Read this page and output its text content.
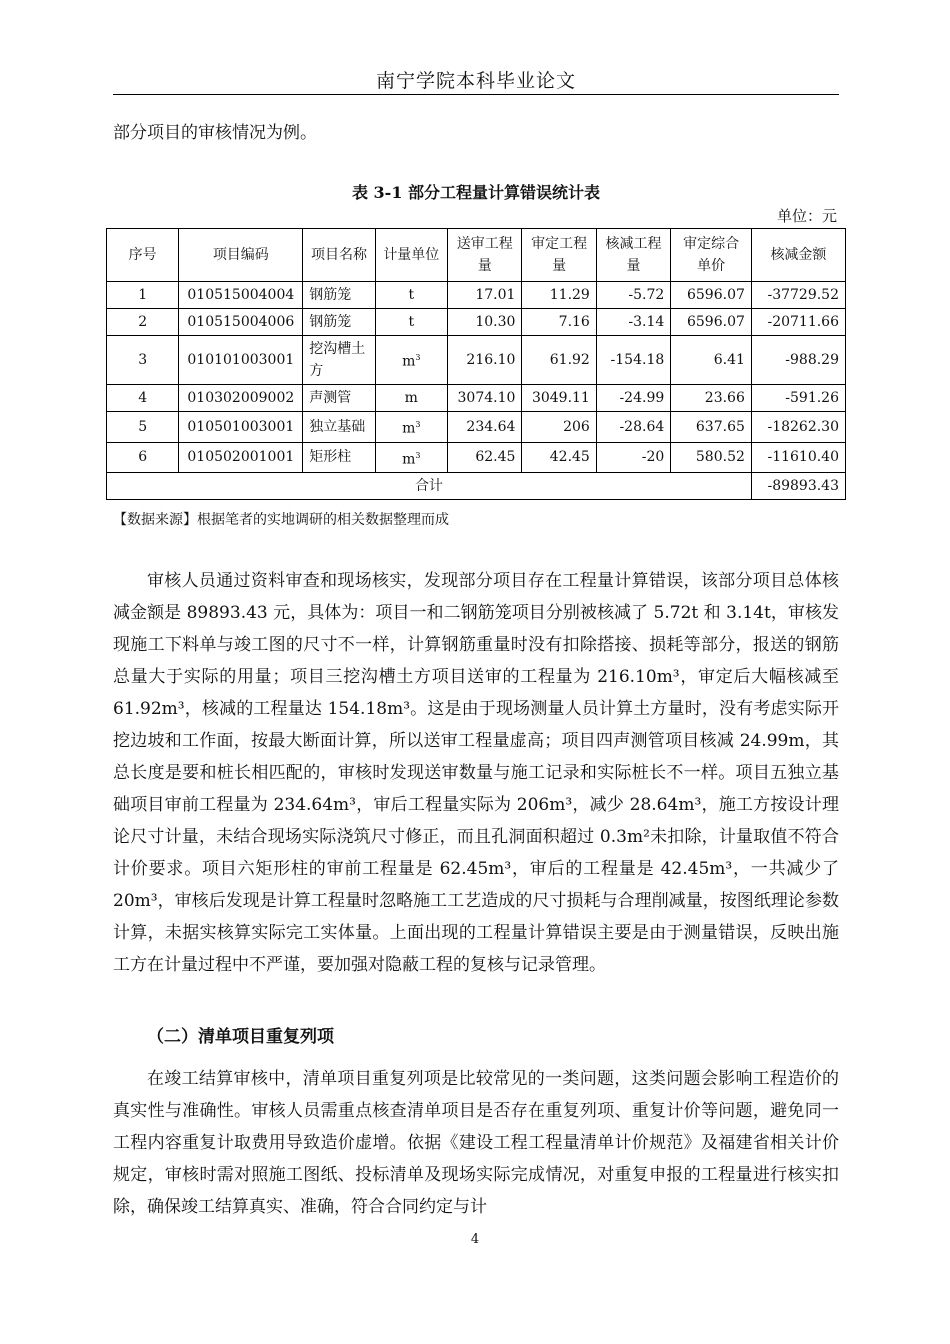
南宁学院本科毕业论文
部分项目的审核情况为例。
表 3-1 部分工程量计算错误统计表
单位：元
序号	项目编码	项目名称	计量单位	送审工程量	审定工程量	核减工程量	审定综合单价	核减金额
1	010515004004	钢筋笼	t	17.01	11.29	-5.72	6596.07	-37729.52
2	010515004006	钢筋笼	t	10.30	7.16	-3.14	6596.07	-20711.66
3	010101003001	挖沟槽土方	$m^3$	216.10	61.92	-154.18	6.41	-988.29
4	010302009002	声测管	m	3074.10	3049.11	-24.99	23.66	-591.26
5	010501003001	独立基础	$m^3$	234.64	206	-28.64	637.65	-18262.30
6	010502001001	矩形柱	$m^3$	62.45	42.45	-20	580.52	-11610.40
合计								-89893.43
【数据来源】根据笔者的实地调研的相关数据整理而成

审核人员通过资料审查和现场核实，发现部分项目存在工程量计算错误，该部分项目总体核减金额是 89893.43 元，具体为：项目一和二钢筋笼项目分别被核减了 5.72t 和 3.14t，审核发现施工下料单与竣工图的尺寸不一样，计算钢筋重量时没有扣除搭接、损耗等部分，报送的钢筋总量大于实际的用量；项目三挖沟槽土方项目送审的工程量为 216.10m³，审定后大幅核减至 61.92m³，核减的工程量达 154.18m³。这是由于现场测量人员计算土方量时，没有考虑实际开挖边坡和工作面，按最大断面计算，所以送审工程量虚高；项目四声测管项目核减 24.99m，其总长度是要和桩长相匹配的，审核时发现送审数量与施工记录和实际桩长不一样。项目五独立基础项目审前工程量为 234.64m³，审后工程量实际为 206m³，减少 28.64m³，施工方按设计理论尺寸计量，未结合现场实际浇筑尺寸修正，而且孔洞面积超过 0.3m²未扣除，计量取值不符合计价要求。项目六矩形柱的审前工程量是 62.45m³，审后的工程量是 42.45m³，一共减少了 20m³，审核后发现是计算工程量时忽略施工工艺造成的尺寸损耗与合理削减量，按图纸理论参数计算，未据实核算实际完工实体量。上面出现的工程量计算错误主要是由于测量错误，反映出施工方在计量过程中不严谨，要加强对隐蔽工程的复核与记录管理。

（二）清单项目重复列项

在竣工结算审核中，清单项目重复列项是比较常见的一类问题，这类问题会影响工程造价的真实性与准确性。审核人员需重点核查清单项目是否存在重复列项、重复计价等问题，避免同一工程内容重复计取费用导致造价虚增。依据《建设工程工程量清单计价规范》及福建省相关计价规定，审核时需对照施工图纸、投标清单及现场实际完成情况，对重复申报的工程量进行核实扣除，确保竣工结算真实、准确，符合合同约定与计

4
